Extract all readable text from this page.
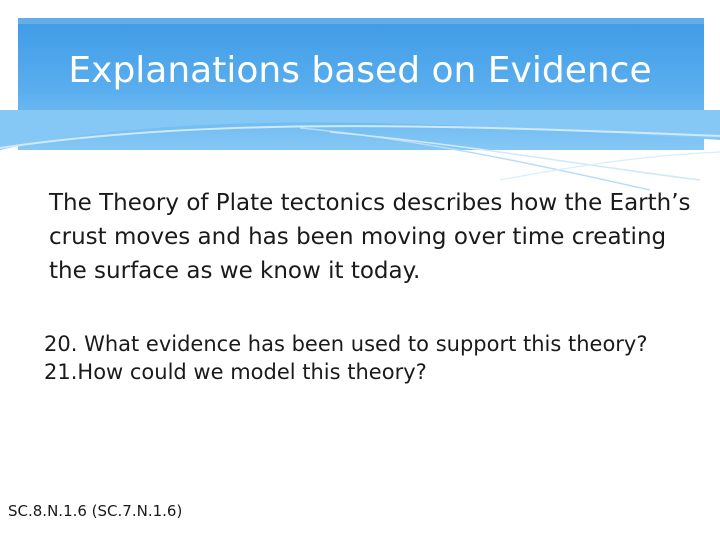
Explanations based on Evidence

The Theory of Plate tectonics describes how the Earth’s crust moves and has been moving over time creating the surface as we know it today.

20. What evidence has been used to support this theory?
21.How could we model this theory?
SC.8.N.1.6 (SC.7.N.1.6)
